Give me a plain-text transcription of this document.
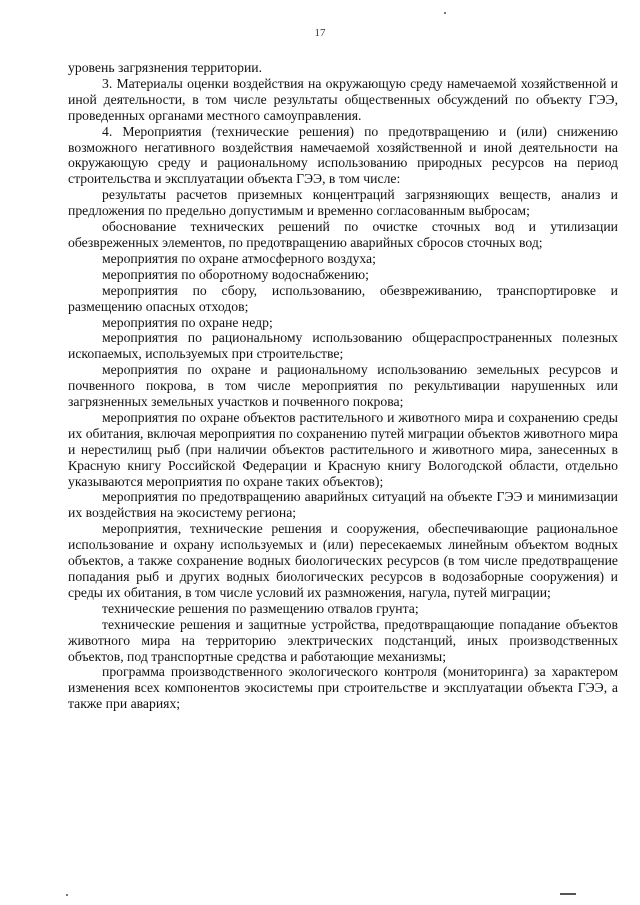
17

уровень загрязнения территории.

3. Материалы оценки воздействия на окружающую среду намечаемой хозяйственной и иной деятельности, в том числе результаты общественных обсуждений по объекту ГЭЭ, проведенных органами местного самоуправления.

4. Мероприятия (технические решения) по предотвращению и (или) снижению возможного негативного воздействия намечаемой хозяйственной и иной деятельности на окружающую среду и рациональному использованию природных ресурсов на период строительства и эксплуатации объекта ГЭЭ, в том числе:

результаты расчетов приземных концентраций загрязняющих веществ, анализ и предложения по предельно допустимым и временно согласованным выбросам;

обоснование технических решений по очистке сточных вод и утилизации обезвреженных элементов, по предотвращению аварийных сбросов сточных вод;

мероприятия по охране атмосферного воздуха;

мероприятия по оборотному водоснабжению;

мероприятия по сбору, использованию, обезвреживанию, транспортировке и размещению опасных отходов;

мероприятия по охране недр;

мероприятия по рациональному использованию общераспространенных полезных ископаемых, используемых при строительстве;

мероприятия по охране и рациональному использованию земельных ресурсов и почвенного покрова, в том числе мероприятия по рекультивации нарушенных или загрязненных земельных участков и почвенного покрова;

мероприятия по охране объектов растительного и животного мира и сохранению среды их обитания, включая мероприятия по сохранению путей миграции объектов животного мира и нерестилищ рыб (при наличии объектов растительного и животного мира, занесенных в Красную книгу Российской Федерации и Красную книгу Вологодской области, отдельно указываются мероприятия по охране таких объектов);

мероприятия по предотвращению аварийных ситуаций на объекте ГЭЭ и минимизации их воздействия на экосистему региона;

мероприятия, технические решения и сооружения, обеспечивающие рациональное использование и охрану используемых и (или) пересекаемых линейным объектом водных объектов, а также сохранение водных биологических ресурсов (в том числе предотвращение попадания рыб и других водных биологических ресурсов в водозаборные сооружения) и среды их обитания, в том числе условий их размножения, нагула, путей миграции;

технические решения по размещению отвалов грунта;

технические решения и защитные устройства, предотвращающие попадание объектов животного мира на территорию электрических подстанций, иных производственных объектов, под транспортные средства и работающие механизмы;

программа производственного экологического контроля (мониторинга) за характером изменения всех компонентов экосистемы при строительстве и эксплуатации объекта ГЭЭ, а также при авариях;
